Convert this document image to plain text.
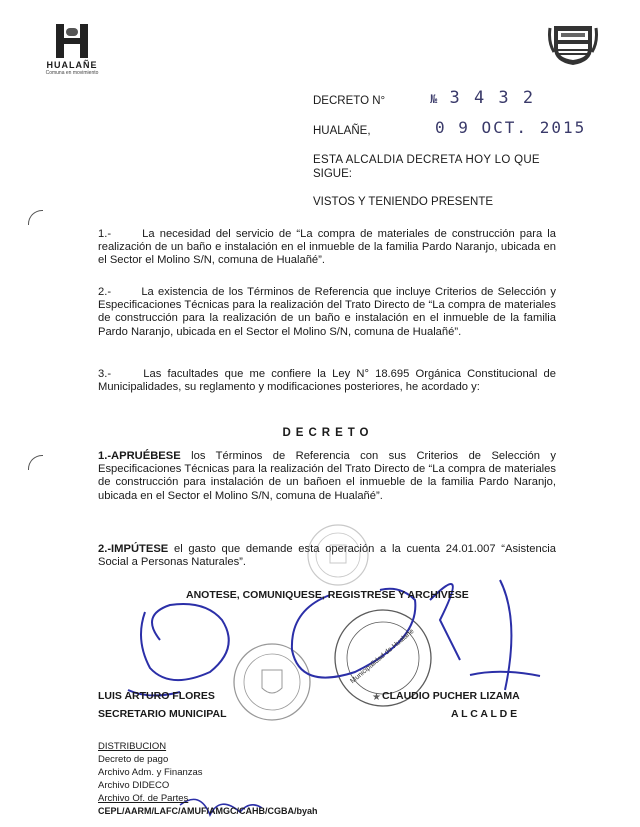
HUALAÑE
Comuna en movimiento
DECRETO N°	№ 3 4 3 2
HUALAÑE,	0 9 OCT. 2015
ESTA ALCALDIA DECRETA HOY LO QUE
SIGUE:
VISTOS Y TENIENDO PRESENTE
1.-	La necesidad del servicio de “La compra de materiales de construcción para la realización de un baño e instalación en el inmueble de la familia Pardo Naranjo, ubicada en el Sector el Molino S/N, comuna de Hualañé”.
2.-	La existencia de los Términos de Referencia que incluye Criterios de Selección y Especificaciones Técnicas para la realización del Trato Directo de “La compra de materiales de construcción para la realización de un baño e instalación en el inmueble de la familia Pardo Naranjo, ubicada en el Sector el Molino S/N, comuna de Hualañé”.
3.-	Las facultades que me confiere la Ley N° 18.695 Orgánica Constitucional de Municipalidades, su reglamento y modificaciones posteriores, he acordado y:
DECRETO
1.-APRUÉBESE los Términos de Referencia con sus Criterios de Selección y Especificaciones Técnicas para la realización del Trato Directo de “La compra de materiales de construcción para instalación de un bañoen el inmueble de la familia Pardo Naranjo, ubicada en el Sector el Molino S/N, comuna de Hualañé”.
2.-IMPÚTESE el gasto que demande esta operación a la cuenta 24.01.007 “Asistencia Social a Personas Naturales”.
★
Municipalidad de Hualañé
ANOTESE, COMUNIQUESE, REGISTRESE Y ARCHIVESE
LUIS ARTURO FLORES
SECRETARIO MUNICIPAL
CLAUDIO PUCHER LIZAMA
A L C A L D E
DISTRIBUCION
Decreto de pago
Archivo Adm. y Finanzas
Archivo DIDECO
Archivo Of. de Partes
CEPL/AARM/LAFC/AMUF/AMGC/CAHB/CGBA/byah
